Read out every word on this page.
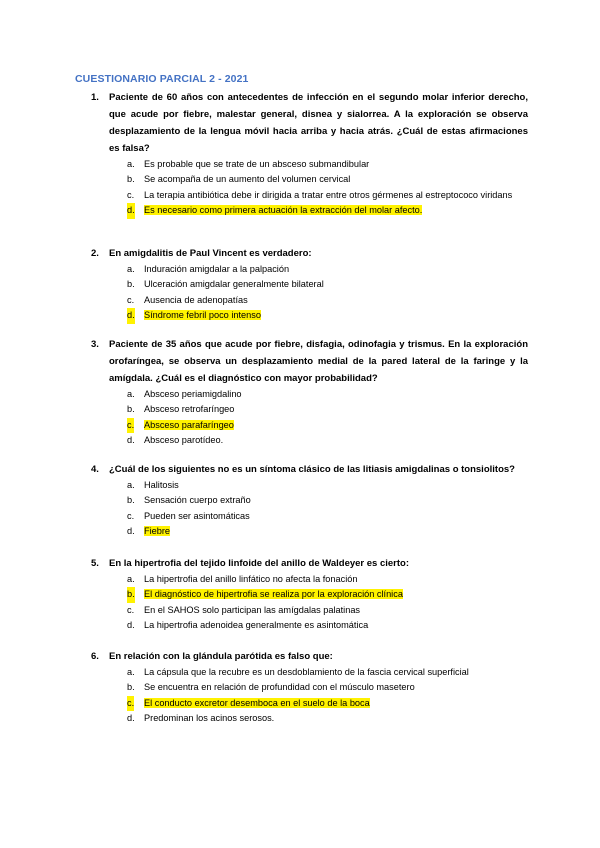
CUESTIONARIO PARCIAL 2 - 2021
1. Paciente de 60 años con antecedentes de infección en el segundo molar inferior derecho, que acude por fiebre, malestar general, disnea y sialorrea. A la exploración se observa desplazamiento de la lengua móvil hacia arriba y hacia atrás. ¿Cuál de estas afirmaciones es falsa?
a. Es probable que se trate de un absceso submandibular
b. Se acompaña de un aumento del volumen cervical
c. La terapia antibiótica debe ir dirigida a tratar entre otros gérmenes al estreptococo viridans
d. Es necesario como primera actuación la extracción del molar afecto.
2. En amigdalitis de Paul Vincent es verdadero:
a. Induración amigdalar a la palpación
b. Ulceración amigdalar generalmente bilateral
c. Ausencia de adenopatías
d. Síndrome febril poco intenso
3. Paciente de 35 años que acude por fiebre, disfagia, odinofagia y trismus. En la exploración orofaríngea, se observa un desplazamiento medial de la pared lateral de la faringe y la amígdala. ¿Cuál es el diagnóstico con mayor probabilidad?
a. Absceso periamigdalino
b. Absceso retrofaríngeo
c. Absceso parafaríngeo
d. Absceso parotídeo.
4. ¿Cuál de los siguientes no es un síntoma clásico de las litiasis amigdalinas o tonsiolitos?
a. Halitosis
b. Sensación cuerpo extraño
c. Pueden ser asintomáticas
d. Fiebre
5. En la hipertrofia del tejido linfoide del anillo de Waldeyer es cierto:
a. La hipertrofia del anillo linfático no afecta la fonación
b. El diagnóstico de hipertrofia se realiza por la exploración clínica
c. En el SAHOS solo participan las amígdalas palatinas
d. La hipertrofia adenoidea generalmente es asintomática
6. En relación con la glándula parótida es falso que:
a. La cápsula que la recubre es un desdoblamiento de la fascia cervical superficial
b. Se encuentra en relación de profundidad con el músculo masetero
c. El conducto excretor desemboca en el suelo de la boca
d. Predominan los acinos serosos.
